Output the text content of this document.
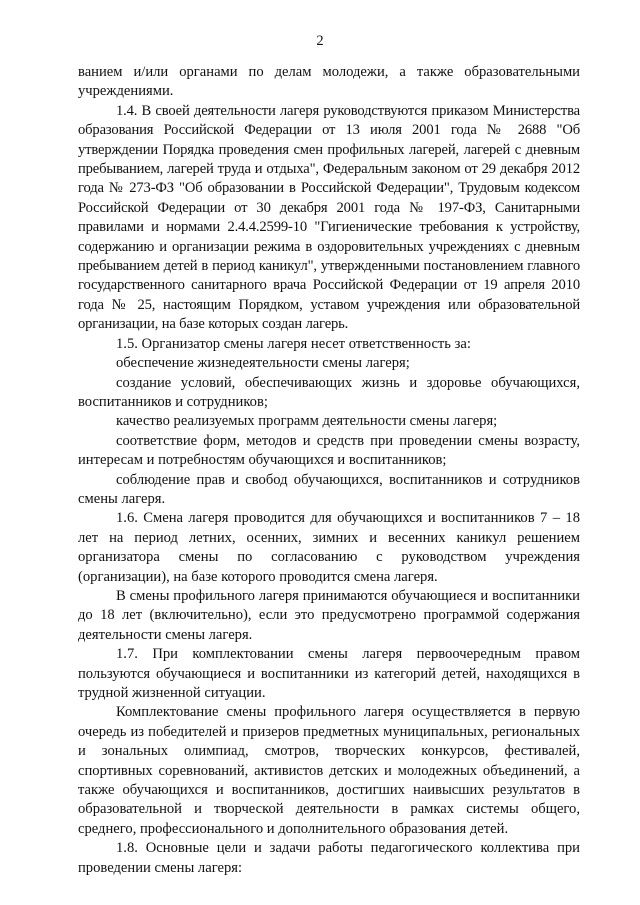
2

ванием и/или органами по делам молодежи, а также образовательными учреждениями.

1.4. В своей деятельности лагеря руководствуются приказом Министерства образования Российской Федерации от 13 июля 2001 года № 2688 "Об утверждении Порядка проведения смен профильных лагерей, лагерей с дневным пребыванием, лагерей труда и отдыха", Федеральным законом от 29 декабря 2012 года № 273-ФЗ "Об образовании в Российской Федерации", Трудовым кодексом Российской Федерации от 30 декабря 2001 года № 197-ФЗ, Санитарными правилами и нормами 2.4.4.2599-10 "Гигиенические требования к устройству, содержанию и организации режима в оздоровительных учреждениях с дневным пребыванием детей в период каникул", утвержденными постановлением главного государственного санитарного врача Российской Федерации от 19 апреля 2010 года № 25, настоящим Порядком, уставом учреждения или образовательной организации, на базе которых создан лагерь.

1.5. Организатор смены лагеря несет ответственность за:

обеспечение жизнедеятельности смены лагеря;

создание условий, обеспечивающих жизнь и здоровье обучающихся, воспитанников и сотрудников;

качество реализуемых программ деятельности смены лагеря;

соответствие форм, методов и средств при проведении смены возрасту, интересам и потребностям обучающихся и воспитанников;

соблюдение прав и свобод обучающихся, воспитанников и сотрудников смены лагеря.

1.6. Смена лагеря проводится для обучающихся и воспитанников 7 – 18 лет на период летних, осенних, зимних и весенних каникул решением организатора смены по согласованию с руководством учреждения (организации), на базе которого проводится смена лагеря.

В смены профильного лагеря принимаются обучающиеся и воспитанники до 18 лет (включительно), если это предусмотрено программой содержания деятельности смены лагеря.

1.7. При комплектовании смены лагеря первоочередным правом пользуются обучающиеся и воспитанники из категорий детей, находящихся в трудной жизненной ситуации.

Комплектование смены профильного лагеря осуществляется в первую очередь из победителей и призеров предметных муниципальных, региональных и зональных олимпиад, смотров, творческих конкурсов, фестивалей, спортивных соревнований, активистов детских и молодежных объединений, а также обучающихся и воспитанников, достигших наивысших результатов в образовательной и творческой деятельности в рамках системы общего, среднего, профессионального и дополнительного образования детей.

1.8. Основные цели и задачи работы педагогического коллектива при проведении смены лагеря:
